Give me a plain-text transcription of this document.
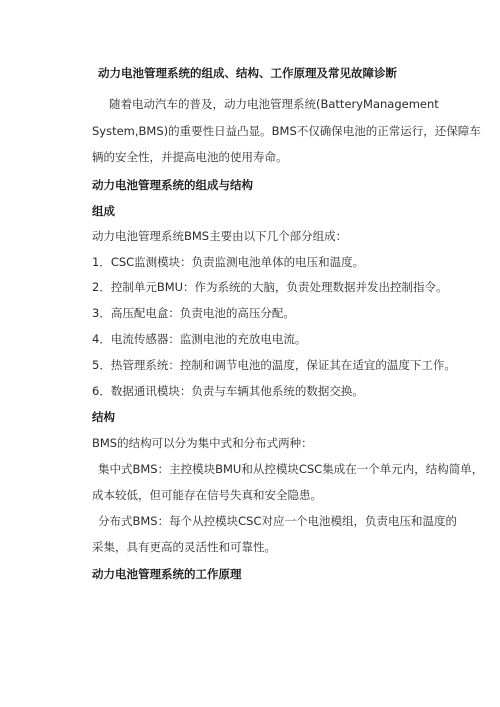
动力电池管理系统的组成、结构、工作原理及常见故障诊断
随着电动汽车的普及，动力电池管理系统(BatteryManagement
System,BMS)的重要性日益凸显。BMS不仅确保电池的正常运行，还保障车
辆的安全性，并提高电池的使用寿命。
动力电池管理系统的组成与结构
组成
动力电池管理系统BMS主要由以下几个部分组成：
1．CSC监测模块：负责监测电池单体的电压和温度。
2．控制单元BMU：作为系统的大脑，负责处理数据并发出控制指令。
3．高压配电盒：负责电池的高压分配。
4．电流传感器：监测电池的充放电电流。
5．热管理系统：控制和调节电池的温度，保证其在适宜的温度下工作。
6．数据通讯模块：负责与车辆其他系统的数据交换。
结构
BMS的结构可以分为集中式和分布式两种：
集中式BMS：主控模块BMU和从控模块CSC集成在一个单元内，结构简单，
成本较低，但可能存在信号失真和安全隐患。
分布式BMS：每个从控模块CSC对应一个电池模组，负责电压和温度的
采集，具有更高的灵活性和可靠性。
动力电池管理系统的工作原理
